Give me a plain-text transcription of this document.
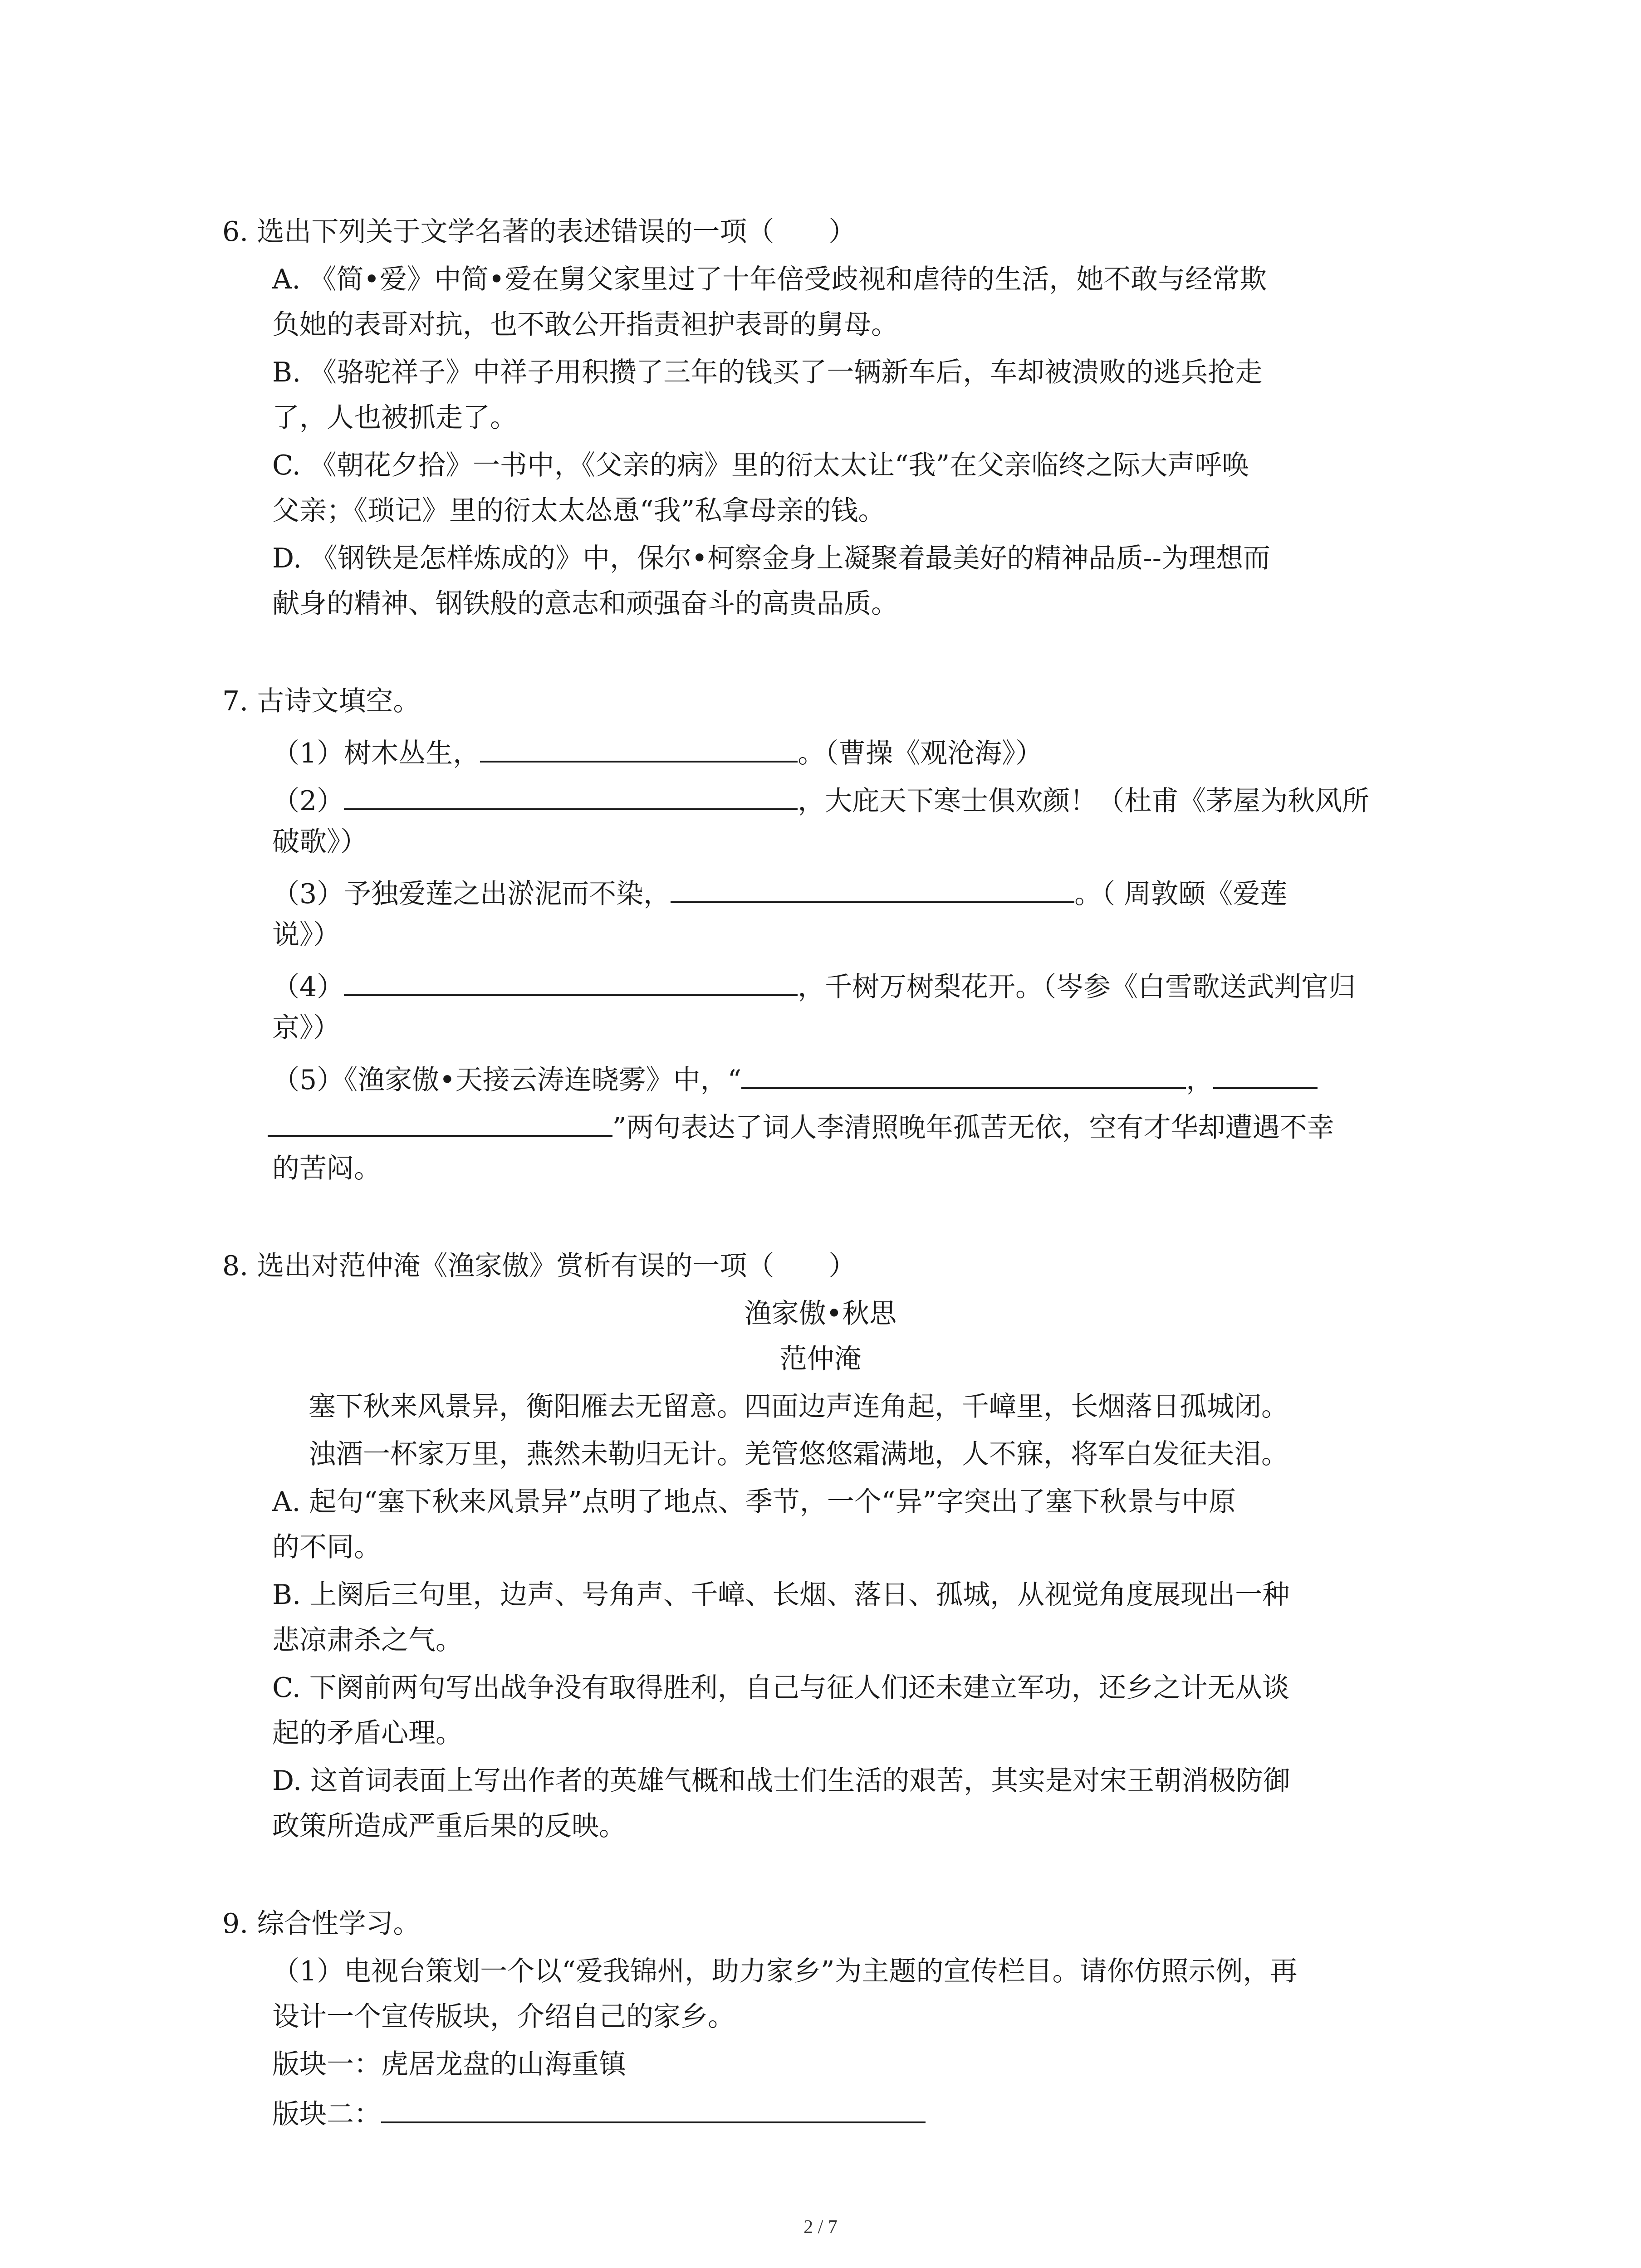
6. 选出下列关于文学名著的表述错误的一项（　　）
A. 《简•爱》中简•爱在舅父家里过了十年倍受歧视和虐待的生活，她不敢与经常欺
负她的表哥对抗，也不敢公开指责袒护表哥的舅母。
B. 《骆驼祥子》中祥子用积攒了三年的钱买了一辆新车后，车却被溃败的逃兵抢走
了，人也被抓走了。
C. 《朝花夕拾》一书中，《父亲的病》里的衍太太让“我”在父亲临终之际大声呼唤
父亲；《琐记》里的衍太太怂恿“我”私拿母亲的钱。
D. 《钢铁是怎样炼成的》中，保尔•柯察金身上凝聚着最美好的精神品质--为理想而
献身的精神、钢铁般的意志和顽强奋斗的高贵品质。
7. 古诗文填空。
（1）树木丛生，	。（曹操《观沧海》）
（2）	，大庇天下寒士俱欢颜！（杜甫《茅屋为秋风所
破歌》）
（3）予独爱莲之出淤泥而不染，	。（ 周敦颐《爱莲
说》）
（4）	，千树万树梨花开。（岑参《白雪歌送武判官归
京》）
（5）《渔家傲•天接云涛连晓雾》中，“	，
”两句表达了词人李清照晚年孤苦无依，空有才华却遭遇不幸
的苦闷。
8. 选出对范仲淹《渔家傲》赏析有误的一项（　　）
渔家傲•秋思
范仲淹
塞下秋来风景异，衡阳雁去无留意。四面边声连角起，千嶂里，长烟落日孤城闭。
浊酒一杯家万里，燕然未勒归无计。羌管悠悠霜满地，人不寐，将军白发征夫泪。
A. 起句“塞下秋来风景异”点明了地点、季节，一个“异”字突出了塞下秋景与中原
的不同。
B. 上阕后三句里，边声、号角声、千嶂、长烟、落日、孤城，从视觉角度展现出一种
悲凉肃杀之气。
C. 下阕前两句写出战争没有取得胜利，自己与征人们还未建立军功，还乡之计无从谈
起的矛盾心理。
D. 这首词表面上写出作者的英雄气概和战士们生活的艰苦，其实是对宋王朝消极防御
政策所造成严重后果的反映。
9. 综合性学习。
（1）电视台策划一个以“爱我锦州，助力家乡”为主题的宣传栏目。请你仿照示例，再
设计一个宣传版块，介绍自己的家乡。
版块一：虎居龙盘的山海重镇
版块二：
2 / 7
